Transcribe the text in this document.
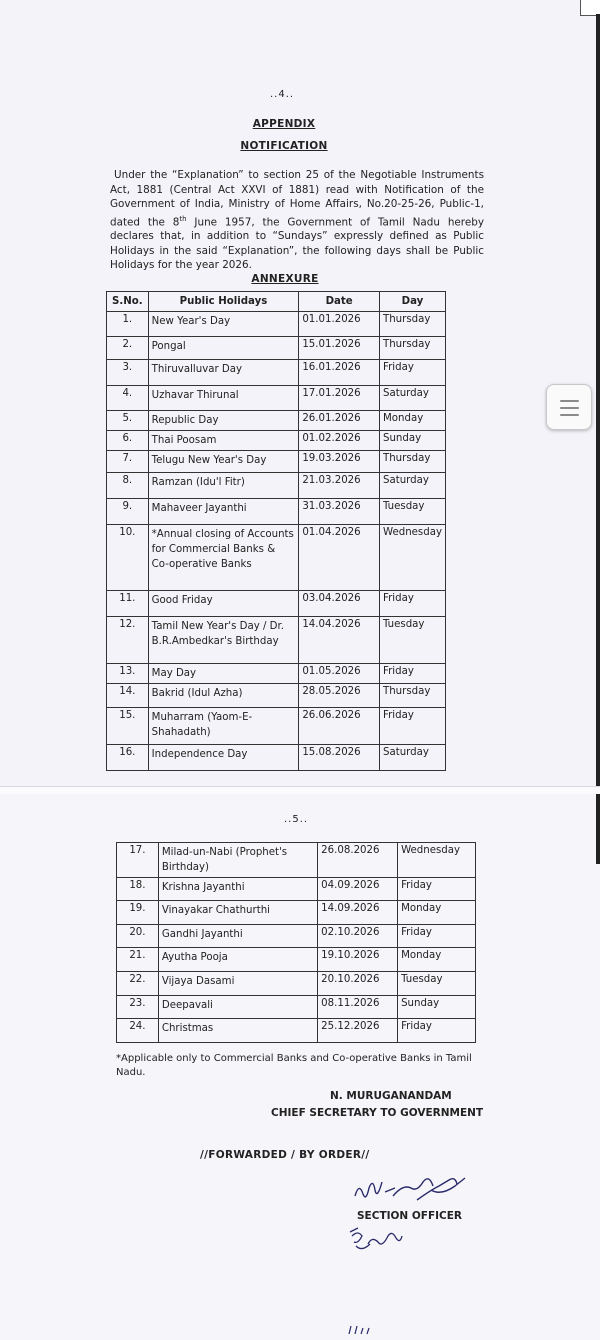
..4..
APPENDIX
NOTIFICATION

Under the “Explanation” to section 25 of the Negotiable Instruments Act, 1881 (Central Act XXVI of 1881) read with Notification of the Government of India, Ministry of Home Affairs, No.20-25-26, Public-1, dated the 8th June 1957, the Government of Tamil Nadu hereby declares that, in addition to “Sundays” expressly defined as Public Holidays in the said “Explanation”, the following days shall be Public Holidays for the year 2026.

ANNEXURE
S.No.	Public Holidays	Date	Day
1.	New Year's Day	01.01.2026	Thursday
2.	Pongal	15.01.2026	Thursday
3.	Thiruvalluvar Day	16.01.2026	Friday
4.	Uzhavar Thirunal	17.01.2026	Saturday
5.	Republic Day	26.01.2026	Monday
6.	Thai Poosam	01.02.2026	Sunday
7.	Telugu New Year's Day	19.03.2026	Thursday
8.	Ramzan (Idu'l Fitr)	21.03.2026	Saturday
9.	Mahaveer Jayanthi	31.03.2026	Tuesday
10.	*Annual closing of Accounts for Commercial Banks & Co-operative Banks	01.04.2026	Wednesday
11.	Good Friday	03.04.2026	Friday
12.	Tamil New Year's Day / Dr. B.R.Ambedkar's Birthday	14.04.2026	Tuesday
13.	May Day	01.05.2026	Friday
14.	Bakrid (Idul Azha)	28.05.2026	Thursday
15.	Muharram (Yaom-E-Shahadath)	26.06.2026	Friday
16.	Independence Day	15.08.2026	Saturday
..5..
17.	Milad-un-Nabi (Prophet's Birthday)	26.08.2026	Wednesday
18.	Krishna Jayanthi	04.09.2026	Friday
19.	Vinayakar Chathurthi	14.09.2026	Monday
20.	Gandhi Jayanthi	02.10.2026	Friday
21.	Ayutha Pooja	19.10.2026	Monday
22.	Vijaya Dasami	20.10.2026	Tuesday
23.	Deepavali	08.11.2026	Sunday
24.	Christmas	25.12.2026	Friday

*Applicable only to Commercial Banks and Co-operative Banks in Tamil Nadu.

N. MURUGANANDAM
CHIEF SECRETARY TO GOVERNMENT
//FORWARDED / BY ORDER//
SECTION OFFICER
